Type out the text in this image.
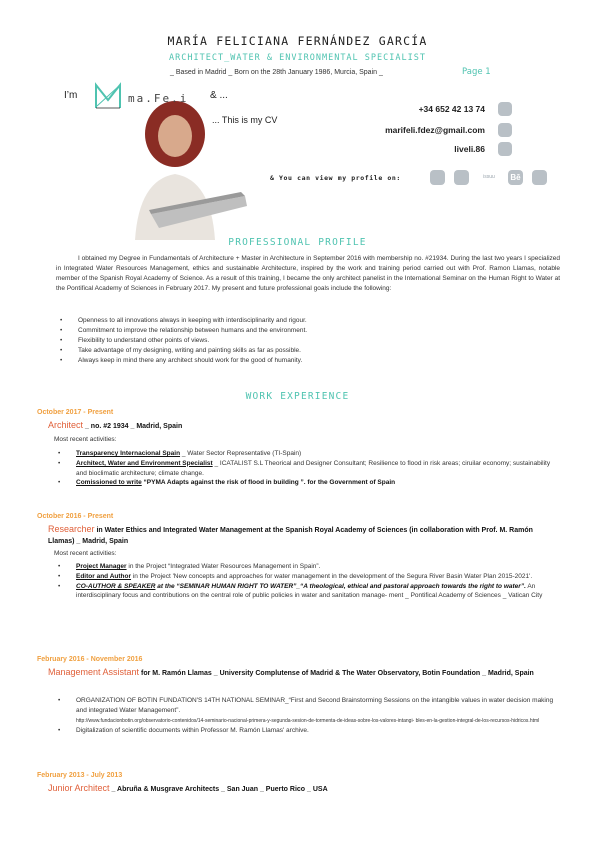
MARÍA FELICIANA FERNÁNDEZ GARCÍA
ARCHITECT_WATER & ENVIRONMENTAL SPECIALIST
_ Based in Madrid _ Born on the 28th January 1986, Murcia, Spain _	Page 1
I’m	ma.Fe.i & ...
... This is my CV
+34 652 42 13 74
marifeli.fdez@gmail.com
liveli.86
& You can view my profile on:	issuu	Bē
PROFESSIONAL PROFILE
I obtained my Degree in Fundamentals of Architecture + Master in Architecture in September 2016 with membership no. #21934. During the last two years I specialized in Integrated Water Resources Management, ethics and sustainable Architecture, inspired by the work and training period carried out with Prof. Ramon Llamas, notable member of the Spanish Royal Academy of Science. As a result of this training, I became the only architect panelist in the International Seminar on the Human Right to Water at the Pontifical Academy of Sciences in February 2017. My present and future professional goals include the following:
• Openness to all innovations always in keeping with interdisciplinarity and rigour.
• Commitment to improve the relationship between humans and the environment.
• Flexibility to understand other points of views.
• Take advantage of my designing, writing and painting skills as far as possible.
• Always keep in mind there any architect should work for the good of humanity.
WORK EXPERIENCE
October 2017 - Present
Architect _ no. #2 1934 _ Madrid, Spain
Most recent activities:
• Transparency Internacional Spain _ Water Sector Representative (TI-Spain)
• Architect, Water and Environment Specialist _ ICATALIST S.L Theorical and Designer Consultant; Resilience to flood in risk areas; ciruilar economy; sustainability and bioclimatic architecture; climate change.
• Comissioned to write “PYMA Adapts against the risk of flood in building ”. for the Government of Spain
October 2016 - Present
Researcher in Water Ethics and Integrated Water Management at the Spanish Royal Academy of Sciences (in collaboration with Prof. M. Ramón Llamas) _ Madrid, Spain
Most recent activities:
• Project Manager in the Project “Integrated Water Resources Management in Spain”.
• Editor and Author in the Project 'New concepts and approaches for water management in the development of the Segura River Basin Water Plan 2015-2021'.
• CO-AUTHOR & SPEAKER at the “SEMINAR HUMAN RIGHT TO WATER”_“A theological, ethical and pastoral approach towards the right to water”. An interdisciplinary focus and contributions on the central role of public policies in water and sanitation manage- ment _ Pontifical Academy of Sciences _ Vatican City
February 2016 - November 2016
Management Assistant for M. Ramón Llamas _ University Complutense of Madrid & The Water Observatory, Botin Foundation _ Madrid, Spain
• ORGANIZATION OF BOTIN FUNDATION'S 14TH NATIONAL SEMINAR_“First and Second Brainstorming Sessions on the intangible values in water decision making and integrated Water Management”.
http://www.fundacionbotin.org/observatorio-contenidos/14-seminario-nacional-primera-y-segunda-sesion-de-tormenta-de-ideas-sobre-los-valores-intangi- bles-en-la-gestion-integral-de-los-recursos-hidricos.html
• Digitalization of scientific documents within Professor M. Ramón Llamas' archive.
February 2013 - July 2013
Junior Architect _ Abruña & Musgrave Architects _ San Juan _ Puerto Rico _ USA
